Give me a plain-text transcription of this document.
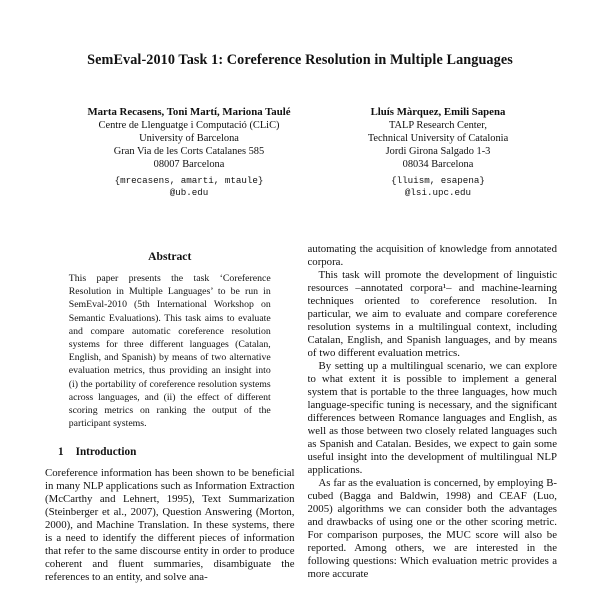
SemEval-2010 Task 1: Coreference Resolution in Multiple Languages
Marta Recasens, Toni Martí, Mariona Taulé
Centre de Llenguatge i Computació (CLiC)
University of Barcelona
Gran Via de les Corts Catalanes 585
08007 Barcelona
{mrecasens, amarti, mtaule}
@ub.edu
Lluís Màrquez, Emili Sapena
TALP Research Center,
Technical University of Catalonia
Jordi Girona Salgado 1-3
08034 Barcelona
{lluism, esapena}
@lsi.upc.edu
Abstract

This paper presents the task ‘Coreference Resolution in Multiple Languages’ to be run in SemEval-2010 (5th International Workshop on Semantic Evaluations). This task aims to evaluate and compare automatic coreference resolution systems for three different languages (Catalan, English, and Spanish) by means of two alternative evaluation metrics, thus providing an insight into (i) the portability of coreference resolution systems across languages, and (ii) the effect of different scoring metrics on ranking the output of the participant systems.

1 Introduction

Coreference information has been shown to be beneficial in many NLP applications such as Information Extraction (McCarthy and Lehnert, 1995), Text Summarization (Steinberger et al., 2007), Question Answering (Morton, 2000), and Machine Translation. In these systems, there is a need to identify the different pieces of information that refer to the same discourse entity in order to produce coherent and fluent summaries, disambiguate the references to an entity, and solve ana-

automating the acquisition of knowledge from annotated corpora.

This task will promote the development of linguistic resources –annotated corpora¹– and machine-learning techniques oriented to coreference resolution. In particular, we aim to evaluate and compare coreference resolution systems in a multilingual context, including Catalan, English, and Spanish languages, and by means of two different evaluation metrics.

By setting up a multilingual scenario, we can explore to what extent it is possible to implement a general system that is portable to the three languages, how much language-specific tuning is necessary, and the significant differences between Romance languages and English, as well as those between two closely related languages such as Spanish and Catalan. Besides, we expect to gain some useful insight into the development of multilingual NLP applications.

As far as the evaluation is concerned, by employing B-cubed (Bagga and Baldwin, 1998) and CEAF (Luo, 2005) algorithms we can consider both the advantages and drawbacks of using one or the other scoring metric. For comparison purposes, the MUC score will also be reported. Among others, we are interested in the following questions: Which evaluation metric provides a more accurate
